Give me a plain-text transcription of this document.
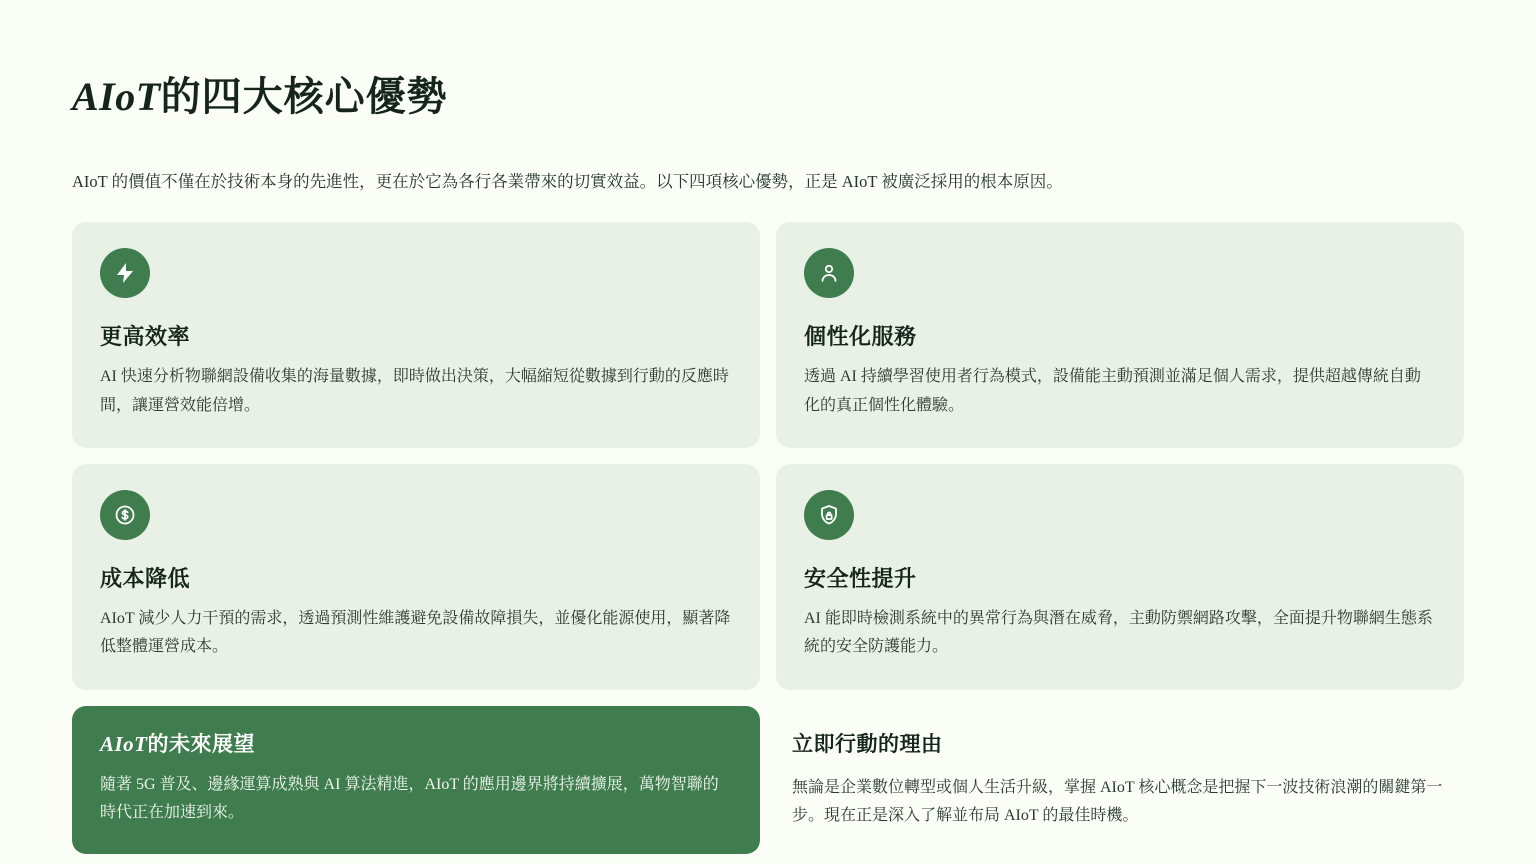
AIoT的四大核心優勢

AIoT 的價值不僅在於技術本身的先進性，更在於它為各行各業帶來的切實效益。以下四項核心優勢，正是 AIoT 被廣泛採用的根本原因。

更高效率
AI 快速分析物聯網設備收集的海量數據，即時做出決策，大幅縮短從數據到行動的反應時間，讓運營效能倍增。
個性化服務
透過 AI 持續學習使用者行為模式，設備能主動預測並滿足個人需求，提供超越傳統自動化的真正個性化體驗。
成本降低
AIoT 減少人力干預的需求，透過預測性維護避免設備故障損失，並優化能源使用，顯著降低整體運營成本。
安全性提升
AI 能即時檢測系統中的異常行為與潛在威脅，主動防禦網路攻擊，全面提升物聯網生態系統的安全防護能力。
AIoT的未來展望
隨著 5G 普及、邊緣運算成熟與 AI 算法精進，AIoT 的應用邊界將持續擴展，萬物智聯的時代正在加速到來。
立即行動的理由
無論是企業數位轉型或個人生活升級，掌握 AIoT 核心概念是把握下一波技術浪潮的關鍵第一步。現在正是深入了解並布局 AIoT 的最佳時機。
